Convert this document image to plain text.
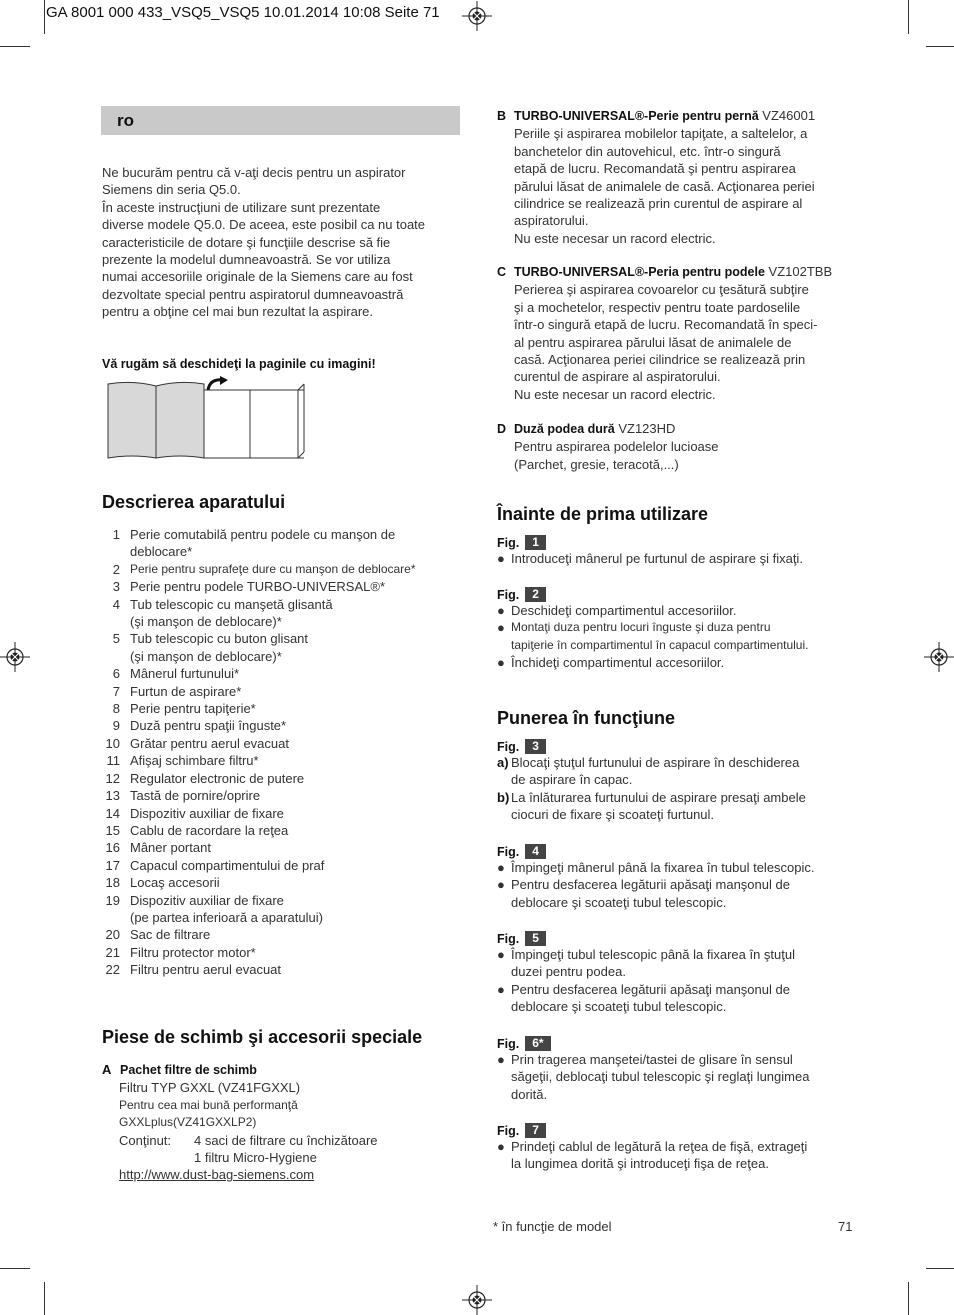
GA 8001 000 433_VSQ5_VSQ5 10.01.2014 10:08 Seite 71
ro
Ne bucurăm pentru că v-aţi decis pentru un aspirator
Siemens din seria Q5.0.
În aceste instrucţiuni de utilizare sunt prezentate
diverse modele Q5.0. De aceea, este posibil ca nu toate
caracteristicile de dotare şi funcţiile descrise să fie
prezente la modelul dumneavoastră. Se vor utiliza
numai accesoriile originale de la Siemens care au fost
dezvoltate special pentru aspiratorul dumneavoastră
pentru a obţine cel mai bun rezultat la aspirare.
Vă rugăm să deschideţi la paginile cu imagini!
Descrierea aparatului
1 Perie comutabilă pentru podele cu manşon de
deblocare*
2 Perie pentru suprafeţe dure cu manşon de deblocare*
3 Perie pentru podele TURBO-UNIVERSAL®*
4 Tub telescopic cu manşetă glisantă
(şi manşon de deblocare)*
5 Tub telescopic cu buton glisant
(şi manşon de deblocare)*
6 Mânerul furtunului*
7 Furtun de aspirare*
8 Perie pentru tapiţerie*
9 Duză pentru spaţii înguste*
10 Grătar pentru aerul evacuat
11 Afişaj schimbare filtru*
12 Regulator electronic de putere
13 Tastă de pornire/oprire
14 Dispozitiv auxiliar de fixare
15 Cablu de racordare la reţea
16 Mâner portant
17 Capacul compartimentului de praf
18 Locaş accesorii
19 Dispozitiv auxiliar de fixare
(pe partea inferioară a aparatului)
20 Sac de filtrare
21 Filtru protector motor*
22 Filtru pentru aerul evacuat
Piese de schimb şi accesorii speciale
A Pachet filtre de schimb
Filtru TYP GXXL (VZ41FGXXL)
Pentru cea mai bună performanţă
GXXLplus(VZ41GXXLP2)
Conţinut: 4 saci de filtrare cu închizătoare
1 filtru Micro-Hygiene
http://www.dust-bag-siemens.com
B TURBO-UNIVERSAL®-Perie pentru pernă VZ46001
Periile şi aspirarea mobilelor tapiţate, a saltelelor, a
banchetelor din autovehicul, etc. într-o singură
etapă de lucru. Recomandată şi pentru aspirarea
părului lăsat de animalele de casă. Acţionarea periei
cilindrice se realizează prin curentul de aspirare al
aspiratorului.
Nu este necesar un racord electric.
C TURBO-UNIVERSAL®-Peria pentru podele VZ102TBB
Perierea şi aspirarea covoarelor cu ţesătură subţire
şi a mochetelor, respectiv pentru toate pardoselile
într-o singură etapă de lucru. Recomandată în speci-
al pentru aspirarea părului lăsat de animalele de
casă. Acţionarea periei cilindrice se realizează prin
curentul de aspirare al aspiratorului.
Nu este necesar un racord electric.
D Duză podea dură VZ123HD
Pentru aspirarea podelelor lucioase
(Parchet, gresie, teracotă,...)
Înainte de prima utilizare
Fig. 1
● Introduceţi mânerul pe furtunul de aspirare şi fixaţi.
Fig. 2
● Deschideţi compartimentul accesoriilor.
● Montaţi duza pentru locuri înguste şi duza pentru
tapiţerie în compartimentul în capacul compartimentului.
● Închideţi compartimentul accesoriilor.
Punerea în funcţiune
Fig. 3
a) Blocaţi ştuţul furtunului de aspirare în deschiderea
de aspirare în capac.
b) La înlăturarea furtunului de aspirare presaţi ambele
ciocuri de fixare şi scoateţi furtunul.
Fig. 4
● Împingeţi mânerul până la fixarea în tubul telescopic.
● Pentru desfacerea legăturii apăsaţi manşonul de
deblocare şi scoateţi tubul telescopic.
Fig. 5
● Împingeţi tubul telescopic până la fixarea în ştuţul
duzei pentru podea.
● Pentru desfacerea legăturii apăsaţi manşonul de
deblocare şi scoateţi tubul telescopic.
Fig. 6*
● Prin tragerea manşetei/tastei de glisare în sensul
săgeţii, deblocaţi tubul telescopic şi reglaţi lungimea
dorită.
Fig. 7
● Prindeţi cablul de legătură la reţea de fişă, extrageţi
la lungimea dorită şi introduceţi fişa de reţea.
* în funcţie de model	71
